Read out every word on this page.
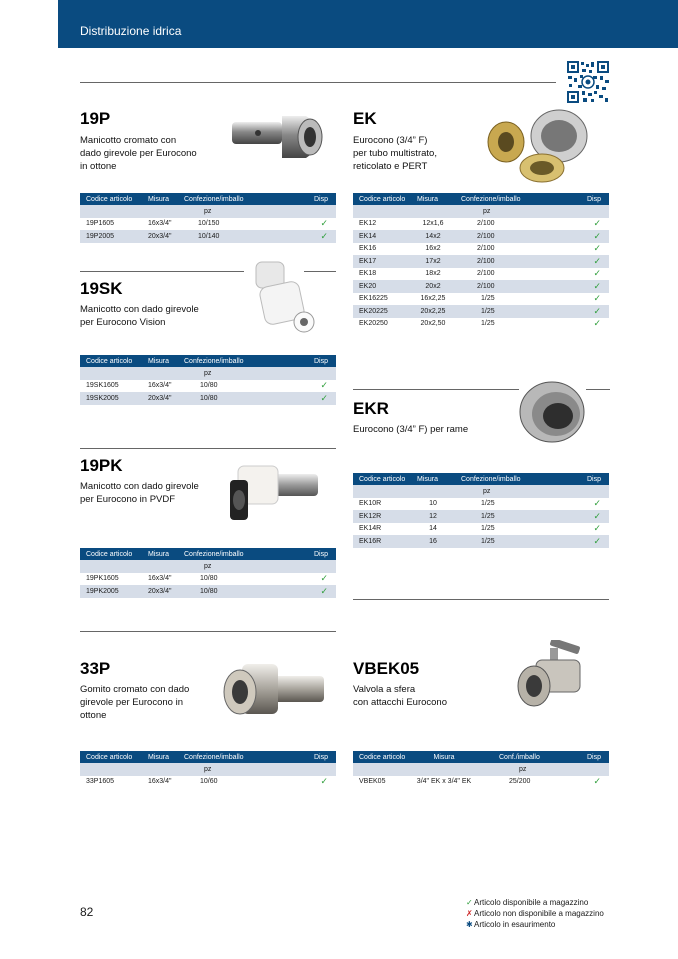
Distribuzione idrica
19P
Manicotto cromato con
dado girevole per Eurocono
in ottone
Codice articolo	Misura	Confezione/imballo	Disp
		pz	
19P1605	16x3/4"	10/150	✓
19P2005	20x3/4"	10/140	✓
19SK
Manicotto con dado girevole
per Eurocono Vision
Codice articolo	Misura	Confezione/imballo	Disp
		pz	
19SK1605	16x3/4"	10/80	✓
19SK2005	20x3/4"	10/80	✓
19PK
Manicotto con dado girevole
per Eurocono in PVDF
Codice articolo	Misura	Confezione/imballo	Disp
		pz	
19PK1605	16x3/4"	10/80	✓
19PK2005	20x3/4"	10/80	✓
33P
Gomito cromato con dado
girevole per Eurocono in
ottone
Codice articolo	Misura	Confezione/imballo	Disp
		pz	
33P1605	16x3/4"	10/60	✓
EK
Eurocono (3/4” F)
per tubo multistrato,
reticolato e PERT
Codice articolo	Misura	Confezione/imballo	Disp
		pz	
EK12	12x1,6	2/100	✓
EK14	14x2	2/100	✓
EK16	16x2	2/100	✓
EK17	17x2	2/100	✓
EK18	18x2	2/100	✓
EK20	20x2	2/100	✓
EK16225	16x2,25	1/25	✓
EK20225	20x2,25	1/25	✓
EK20250	20x2,50	1/25	✓
EKR
Eurocono (3/4” F) per rame
Codice articolo	Misura	Confezione/imballo	Disp
		pz	
EK10R	10	1/25	✓
EK12R	12	1/25	✓
EK14R	14	1/25	✓
EK16R	16	1/25	✓
VBEK05
Valvola a sfera
con attacchi Eurocono
Codice articolo	Misura	Conf./imballo	Disp
		pz	
VBEK05	3/4" EK x 3/4" EK	25/200	✓
82
✓Articolo disponibile a magazzino
✗Articolo non disponibile a magazzino
✱Articolo in esaurimento
